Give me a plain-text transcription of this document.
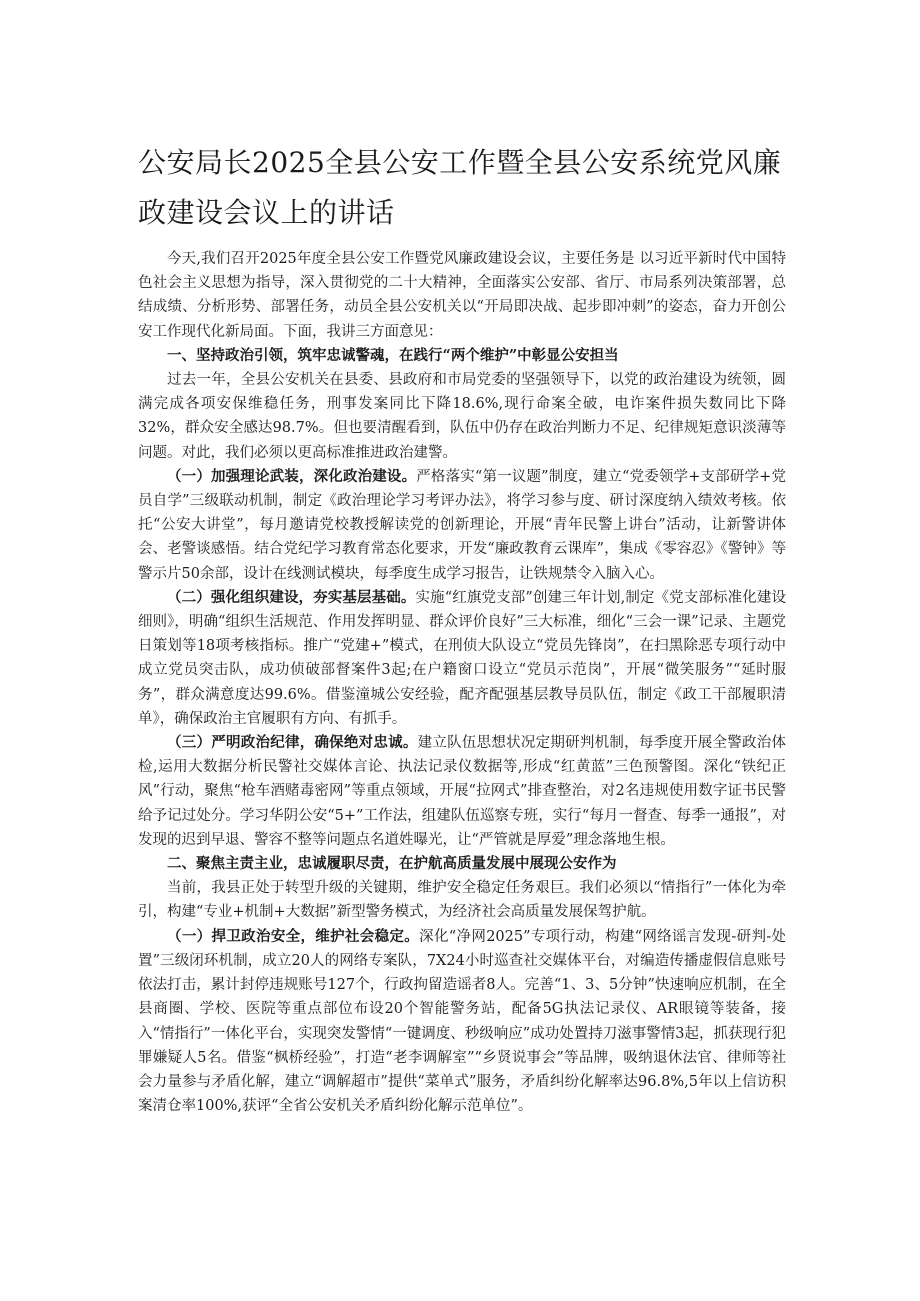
公安局长2025全县公安工作暨全县公安系统党风廉政建设会议上的讲话

今天,我们召开2025年度全县公安工作暨党风廉政建设会议，主要任务是 以习近平新时代中国特色社会主义思想为指导，深入贯彻党的二十大精神，全面落实公安部、省厅、市局系列决策部署，总结成绩、分析形势、部署任务，动员全县公安机关以“开局即决战、起步即冲刺”的姿态，奋力开创公安工作现代化新局面。下面，我讲三方面意见：

一、坚持政治引领，筑牢忠诚警魂，在践行“两个维护”中彰显公安担当

过去一年，全县公安机关在县委、县政府和市局党委的坚强领导下，以党的政治建设为统领，圆满完成各项安保维稳任务，刑事发案同比下降18.6%,现行命案全破，电诈案件损失数同比下降32%，群众安全感达98.7%。但也要清醒看到，队伍中仍存在政治判断力不足、纪律规矩意识淡薄等问题。对此，我们必须以更高标准推进政治建警。

（一）加强理论武装，深化政治建设。严格落实“第一议题”制度，建立“党委领学+支部研学+党员自学”三级联动机制，制定《政治理论学习考评办法》，将学习参与度、研讨深度纳入绩效考核。依托“公安大讲堂”，每月邀请党校教授解读党的创新理论，开展“青年民警上讲台”活动，让新警讲体会、老警谈感悟。结合党纪学习教育常态化要求，开发“廉政教育云课库”，集成《零容忍》《警钟》等警示片50余部，设计在线测试模块，每季度生成学习报告，让铁规禁令入脑入心。

（二）强化组织建设，夯实基层基础。实施“红旗党支部”创建三年计划,制定《党支部标准化建设细则》，明确“组织生活规范、作用发挥明显、群众评价良好”三大标准，细化“三会一课”记录、主题党日策划等18项考核指标。推广“党建+”模式，在刑侦大队设立“党员先锋岗”，在扫黑除恶专项行动中成立党员突击队，成功侦破部督案件3起;在户籍窗口设立“党员示范岗”，开展“微笑服务”“延时服务”，群众满意度达99.6%。借鉴潼城公安经验，配齐配强基层教导员队伍，制定《政工干部履职清单》，确保政治主官履职有方向、有抓手。

（三）严明政治纪律，确保绝对忠诚。建立队伍思想状况定期研判机制，每季度开展全警政治体检,运用大数据分析民警社交媒体言论、执法记录仪数据等,形成“红黄蓝”三色预警图。深化“铁纪正风”行动，聚焦“枪车酒赌毒密网”等重点领域，开展“拉网式”排查整治，对2名违规使用数字证书民警给予记过处分。学习华阴公安“5+”工作法，组建队伍巡察专班，实行“每月一督查、每季一通报”，对发现的迟到早退、警容不整等问题点名道姓曝光，让“严管就是厚爱”理念落地生根。

二、聚焦主责主业，忠诚履职尽责，在护航高质量发展中展现公安作为

当前，我县正处于转型升级的关键期，维护安全稳定任务艰巨。我们必须以“情指行”一体化为牵引，构建“专业+机制+大数据”新型警务模式，为经济社会高质量发展保驾护航。

（一）捍卫政治安全，维护社会稳定。深化“净网2025”专项行动，构建“网络谣言发现-研判-处置”三级闭环机制，成立20人的网络专案队，7X24小时巡查社交媒体平台，对编造传播虚假信息账号依法打击，累计封停违规账号127个，行政拘留造谣者8人。完善“1、3、5分钟”快速响应机制，在全县商圈、学校、医院等重点部位布设20个智能警务站，配备5G执法记录仪、AR眼镜等装备，接入“情指行”一体化平台，实现突发警情“一键调度、秒级响应”成功处置持刀滋事警情3起，抓获现行犯罪嫌疑人5名。借鉴“枫桥经验”，打造“老李调解室”“乡贤说事会”等品牌，吸纳退休法官、律师等社会力量参与矛盾化解，建立“调解超市”提供“菜单式”服务，矛盾纠纷化解率达96.8%,5年以上信访积案清仓率100%,获评“全省公安机关矛盾纠纷化解示范单位”。
